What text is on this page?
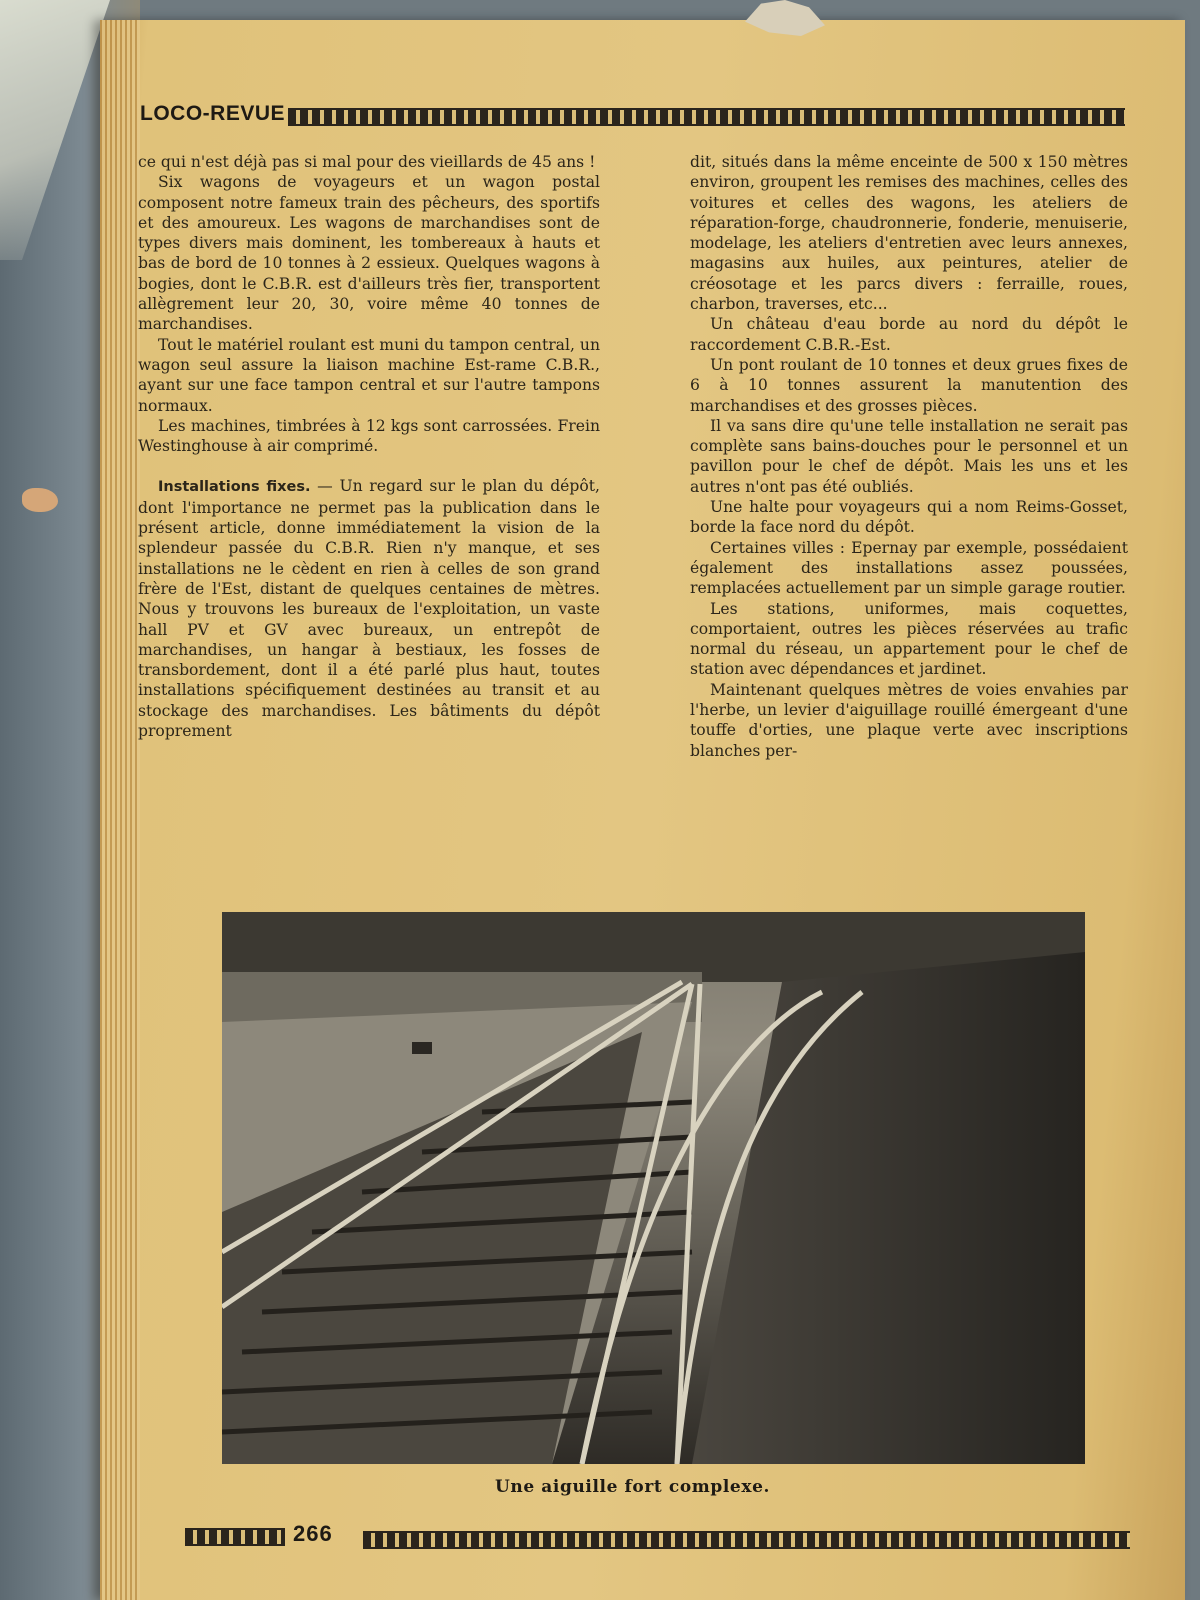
LOCO-REVUE

ce qui n'est déjà pas si mal pour des vieillards de 45 ans !

Six wagons de voyageurs et un wagon postal composent notre fameux train des pêcheurs, des sportifs et des amoureux. Les wagons de marchandises sont de types divers mais dominent, les tombereaux à hauts et bas de bord de 10 tonnes à 2 essieux. Quelques wagons à bogies, dont le C.B.R. est d'ailleurs très fier, transportent allègrement leur 20, 30, voire même 40 tonnes de marchandises.

Tout le matériel roulant est muni du tampon central, un wagon seul assure la liaison machine Est-rame C.B.R., ayant sur une face tampon central et sur l'autre tampons normaux.

Les machines, timbrées à 12 kgs sont carrossées. Frein Westinghouse à air comprimé.

Installations fixes. — Un regard sur le plan du dépôt, dont l'importance ne permet pas la publication dans le présent article, donne immédiatement la vision de la splendeur passée du C.B.R. Rien n'y manque, et ses installations ne le cèdent en rien à celles de son grand frère de l'Est, distant de quelques centaines de mètres. Nous y trouvons les bureaux de l'exploitation, un vaste hall PV et GV avec bureaux, un entrepôt de marchandises, un hangar à bestiaux, les fosses de transbordement, dont il a été parlé plus haut, toutes installations spécifiquement destinées au transit et au stockage des marchandises. Les bâtiments du dépôt proprement

dit, situés dans la même enceinte de 500 x 150 mètres environ, groupent les remises des machines, celles des voitures et celles des wagons, les ateliers de réparation-forge, chaudronnerie, fonderie, menuiserie, modelage, les ateliers d'entretien avec leurs annexes, magasins aux huiles, aux peintures, atelier de créosotage et les parcs divers : ferraille, roues, charbon, traverses, etc...

Un château d'eau borde au nord du dépôt le raccordement C.B.R.-Est.

Un pont roulant de 10 tonnes et deux grues fixes de 6 à 10 tonnes assurent la manutention des marchandises et des grosses pièces.

Il va sans dire qu'une telle installation ne serait pas complète sans bains-douches pour le personnel et un pavillon pour le chef de dépôt. Mais les uns et les autres n'ont pas été oubliés.

Une halte pour voyageurs qui a nom Reims-Gosset, borde la face nord du dépôt.

Certaines villes : Epernay par exemple, possédaient également des installations assez poussées, remplacées actuellement par un simple garage routier.

Les stations, uniformes, mais coquettes, comportaient, outres les pièces réservées au trafic normal du réseau, un appartement pour le chef de station avec dépendances et jardinet.

Maintenant quelques mètres de voies envahies par l'herbe, un levier d'aiguillage rouillé émergeant d'une touffe d'orties, une plaque verte avec inscriptions blanches per-

Une aiguille fort complexe.
266
